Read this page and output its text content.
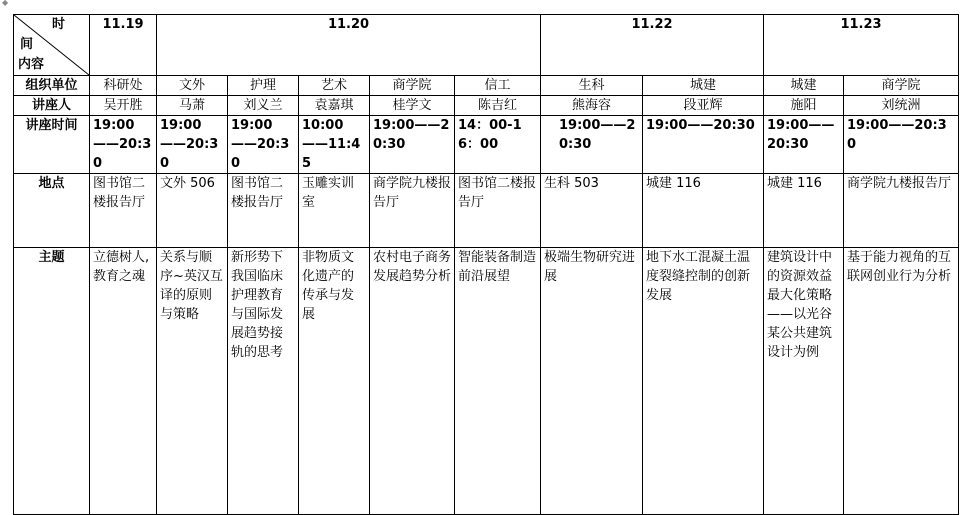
◆
时
间
内容	11.19	11.20					11.22		11.23	
组织单位	科研处	文外	护理	艺术	商学院	信工	生科	城建	城建	商学院
讲座人	吴开胜	马萧	刘义兰	袁嘉琪	桂学文	陈吉红	熊海容	段亚辉	施阳	刘统洲
讲座时间	19:00——20:30	19:00——20:30	19:00——20:30	10:00——11:45	19:00——20:30	14：00-16：00	19:00——20:30	19:00——20:30	19:00——20:30	19:00——20:30
地点	图书馆二楼报告厅	文外 506	图书馆二楼报告厅	玉雕实训室	商学院九楼报告厅	图书馆二楼报告厅	生科 503	城建 116	城建 116	商学院九楼报告厅
主题	立德树人,教育之魂	关系与顺序~英汉互译的原则与策略	新形势下我国临床护理教育与国际发展趋势接轨的思考	非物质文化遗产的传承与发展	农村电子商务发展趋势分析	智能装备制造前沿展望	极端生物研究进展	地下水工混凝土温度裂缝控制的创新发展	建筑设计中的资源效益最大化策略——以光谷某公共建筑设计为例	基于能力视角的互联网创业行为分析
